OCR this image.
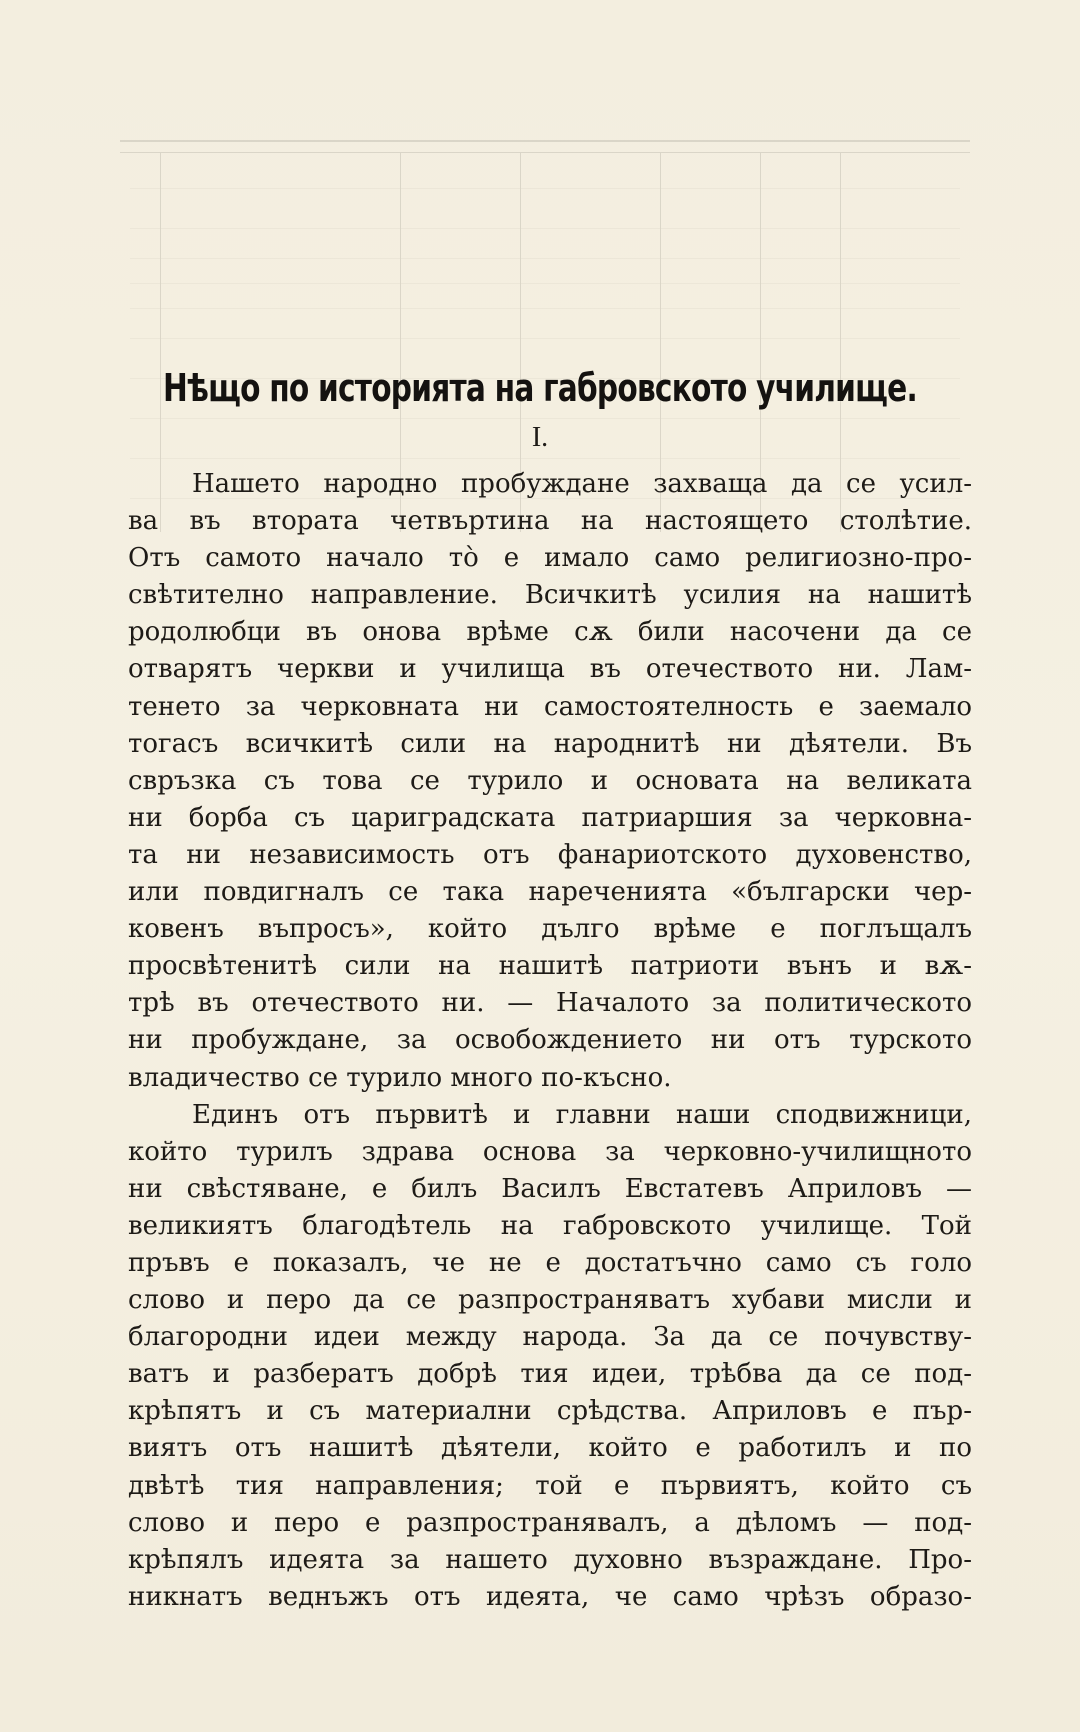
Нѣщо по историята на габровското училище.
I.
Нашето народно пробуждане захваща да се усил-
ва въ втората четвъртина на настоящето столѣтие.
Отъ самото начало тò е имало само религиозно-про-
свѣтително направление. Всичкитѣ усилия на нашитѣ
родолюбци въ онова врѣме сѫ били насочени да се
отварятъ черкви и училища въ отечеството ни. Лам-
тенето за черковната ни самостоятелность е заемало
тогасъ всичкитѣ сили на народнитѣ ни дѣятели. Въ
свръзка съ това се турило и основата на великата
ни борба съ цариградската патриаршия за черковна-
та ни независимость отъ фанариотското духовенство,
или повдигналъ се така нареченията «български чер-
ковенъ въпросъ», който дълго врѣме е поглъщалъ
просвѣтенитѣ сили на нашитѣ патриоти вънъ и вѫ-
трѣ въ отечеството ни. — Началото за политическото
ни пробуждане, за освобождението ни отъ турското
владичество се турило много по-късно.
Единъ отъ първитѣ и главни наши сподвижници,
който турилъ здрава основа за черковно-училищното
ни свѣстяване, е билъ Василъ Евстатевъ Априловъ —
великиятъ благодѣтель на габровското училище. Той
пръвъ е показалъ, че не е достатъчно само съ голо
слово и перо да се разпространяватъ хубави мисли и
благородни идеи между народа. За да се почувству-
ватъ и разбератъ добрѣ тия идеи, трѣбва да се под-
крѣпятъ и съ материални срѣдства. Априловъ е пър-
виятъ отъ нашитѣ дѣятели, който е работилъ и по
двѣтѣ тия направления; той е първиятъ, който съ
слово и перо е разпространявалъ, а дѣломъ — под-
крѣпялъ идеята за нашето духовно възраждане. Про-
никнатъ веднъжъ отъ идеята, че само чрѣзъ образо-
